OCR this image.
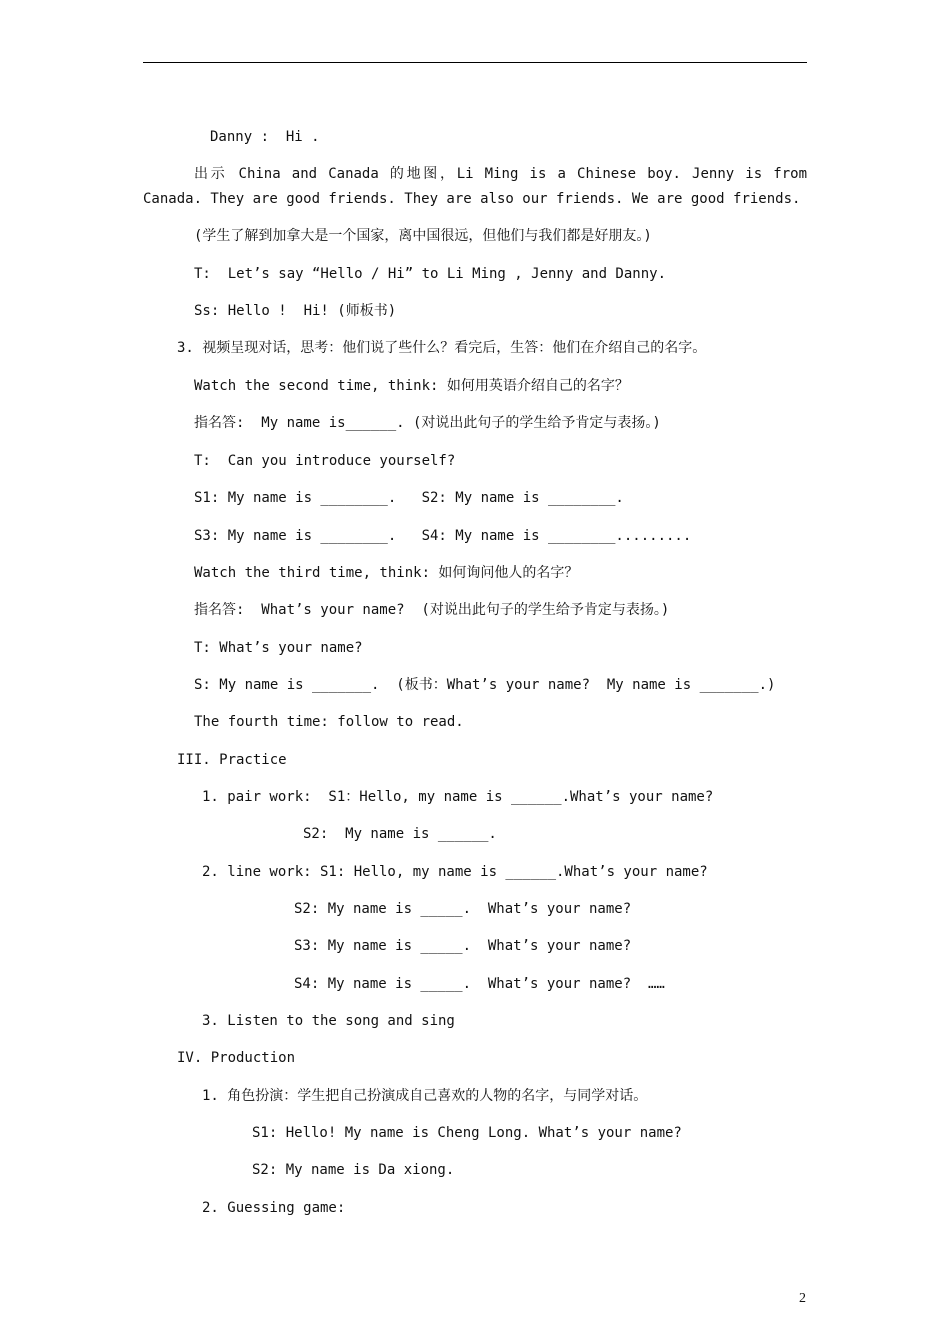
Danny :  Hi .
出示 China and Canada 的地图，Li Ming is a Chinese boy. Jenny is from
Canada. They are good friends. They are also our friends. We are good friends.
(学生了解到加拿大是一个国家，离中国很远，但他们与我们都是好朋友。)
T:  Let’s say “Hello / Hi” to Li Ming , Jenny and Danny.
Ss: Hello !  Hi! (师板书)
3. 视频呈现对话，思考：他们说了些什么？看完后，生答：他们在介绍自己的名字。
Watch the second time, think: 如何用英语介绍自己的名字？
指名答:  My name is______. (对说出此句子的学生给予肯定与表扬。)
T:  Can you introduce yourself?
S1: My name is ________.   S2: My name is ________.
S3: My name is ________.   S4: My name is ________.........
Watch the third time, think: 如何询问他人的名字？
指名答:  What’s your name?  (对说出此句子的学生给予肯定与表扬。)
T: What’s your name?
S: My name is _______.  (板书：What’s your name?  My name is _______.)
The fourth time: follow to read.
III. Practice
1. pair work:  S1：Hello, my name is ______.What’s your name?
S2:  My name is ______.
2. line work: S1: Hello, my name is ______.What’s your name?
S2: My name is _____.  What’s your name?
S3: My name is _____.  What’s your name?
S4: My name is _____.  What’s your name?  ……
3. Listen to the song and sing
IV. Production
1. 角色扮演：学生把自己扮演成自己喜欢的人物的名字，与同学对话。
S1: Hello! My name is Cheng Long. What’s your name?
S2: My name is Da xiong.
2. Guessing game:
2
